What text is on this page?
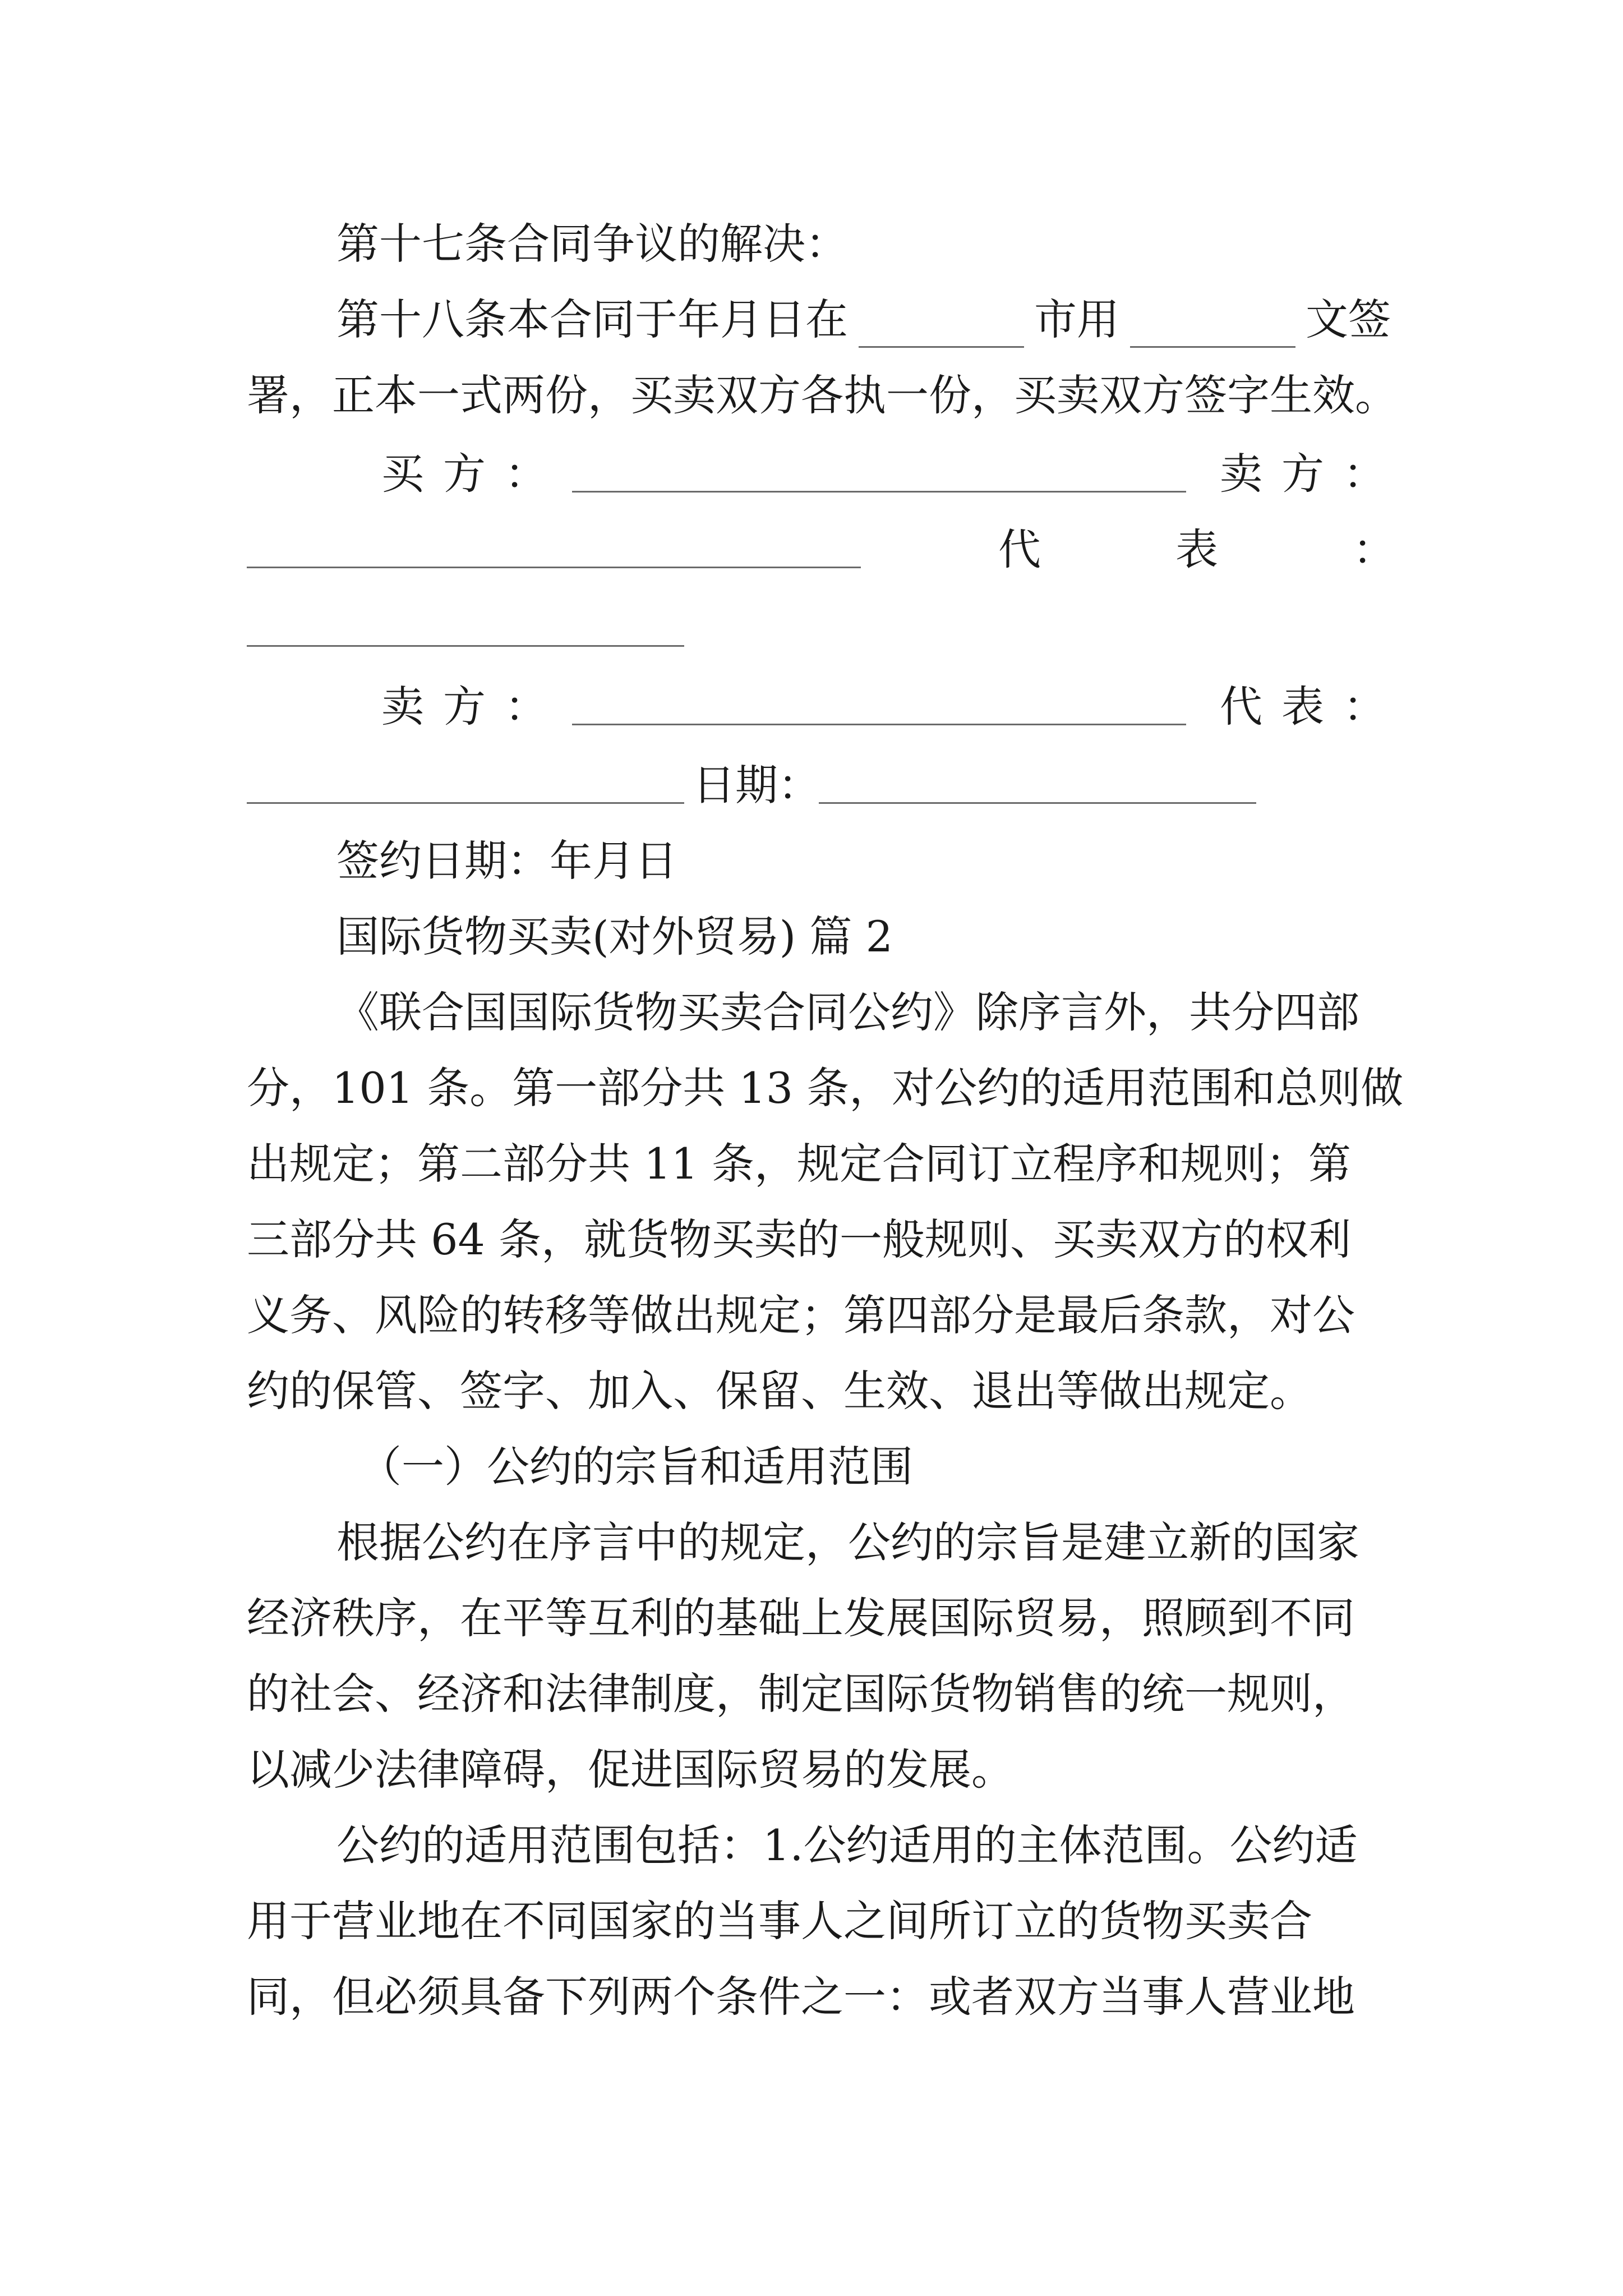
第十七条合同争议的解决：
第十八条本合同于年月日在	市用	文签
署，正本一式两份，买卖双方各执一份，买卖双方签字生效。
买方：	卖方：
代表：
卖方：	代表：
日期：
签约日期：年月日
国际货物买卖(对外贸易) 篇 2
《联合国国际货物买卖合同公约》除序言外，共分四部
分，101 条。第一部分共 13 条，对公约的适用范围和总则做
出规定；第二部分共 11 条，规定合同订立程序和规则；第
三部分共 64 条，就货物买卖的一般规则、买卖双方的权利
义务、风险的转移等做出规定；第四部分是最后条款，对公
约的保管、签字、加入、保留、生效、退出等做出规定。
（一）公约的宗旨和适用范围
根据公约在序言中的规定，公约的宗旨是建立新的国家
经济秩序，在平等互利的基础上发展国际贸易，照顾到不同
的社会、经济和法律制度，制定国际货物销售的统一规则，
以减少法律障碍，促进国际贸易的发展。
公约的适用范围包括：1.公约适用的主体范围。公约适
用于营业地在不同国家的当事人之间所订立的货物买卖合
同，但必须具备下列两个条件之一：或者双方当事人营业地
